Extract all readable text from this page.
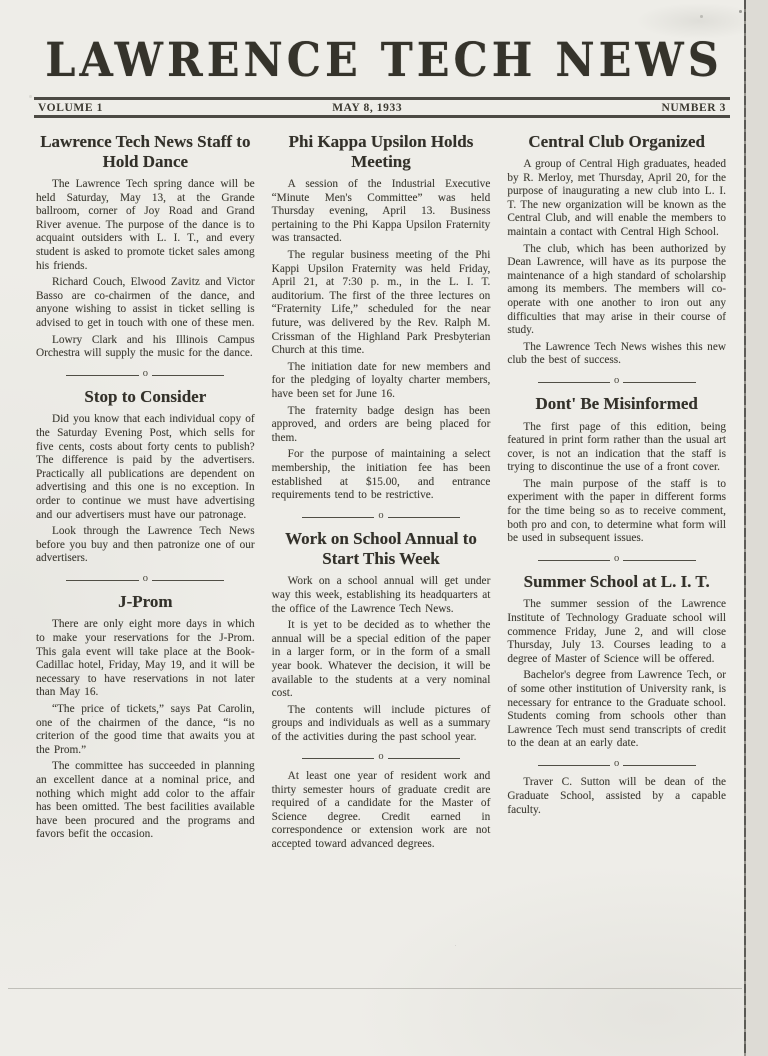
LAWRENCE TECH NEWS
VOLUME 1	MAY 8, 1933	NUMBER 3
Lawrence Tech News Staff to Hold Dance

The Lawrence Tech spring dance will be held Saturday, May 13, at the Grande ballroom, corner of Joy Road and Grand River avenue. The purpose of the dance is to acquaint outsiders with L. I. T., and every student is asked to promote ticket sales among his friends.

Richard Couch, Elwood Zavitz and Victor Basso are co-chairmen of the dance, and anyone wishing to assist in ticket selling is advised to get in touch with one of these men.

Lowry Clark and his Illinois Campus Orchestra will supply the music for the dance.

o
Stop to Consider

Did you know that each individual copy of the Saturday Evening Post, which sells for five cents, costs about forty cents to publish? The difference is paid by the advertisers. Practically all publications are dependent on advertising and this one is no exception. In order to continue we must have advertising and our advertisers must have our patronage.

Look through the Lawrence Tech News before you buy and then patronize one of our advertisers.

o
J-Prom

There are only eight more days in which to make your reservations for the J-Prom. This gala event will take place at the Book-Cadillac hotel, Friday, May 19, and it will be necessary to have reservations in not later than May 16.

“The price of tickets,” says Pat Carolin, one of the chairmen of the dance, “is no criterion of the good time that awaits you at the Prom.”

The committee has succeeded in planning an excellent dance at a nominal price, and nothing which might add color to the affair has been omitted. The best facilities available have been procured and the programs and favors befit the occasion.

Phi Kappa Upsilon Holds Meeting

A session of the Industrial Executive “Minute Men's Committee” was held Thursday evening, April 13. Business pertaining to the Phi Kappa Upsilon Fraternity was transacted.

The regular business meeting of the Phi Kappi Upsilon Fraternity was held Friday, April 21, at 7:30 p. m., in the L. I. T. auditorium. The first of the three lectures on “Fraternity Life,” scheduled for the near future, was delivered by the Rev. Ralph M. Crissman of the Highland Park Presbyterian Church at this time.

The initiation date for new members and for the pledging of loyalty charter members, have been set for June 16.

The fraternity badge design has been approved, and orders are being placed for them.

For the purpose of maintaining a select membership, the initiation fee has been established at $15.00, and entrance requirements tend to be restrictive.

o
Work on School Annual to Start This Week

Work on a school annual will get under way this week, establishing its headquarters at the office of the Lawrence Tech News.

It is yet to be decided as to whether the annual will be a special edition of the paper in a larger form, or in the form of a small year book. Whatever the decision, it will be available to the students at a very nominal cost.

The contents will include pictures of groups and individuals as well as a summary of the activities during the past school year.

o

At least one year of resident work and thirty semester hours of graduate credit are required of a candidate for the Master of Science degree. Credit earned in correspondence or extension work are not accepted toward advanced degrees.

Central Club Organized

A group of Central High graduates, headed by R. Merloy, met Thursday, April 20, for the purpose of inaugurating a new club into L. I. T. The new organization will be known as the Central Club, and will enable the members to maintain a contact with Central High School.

The club, which has been authorized by Dean Lawrence, will have as its purpose the maintenance of a high standard of scholarship among its members. The members will co-operate with one another to iron out any difficulties that may arise in their course of study.

The Lawrence Tech News wishes this new club the best of success.

o
Dont' Be Misinformed

The first page of this edition, being featured in print form rather than the usual art cover, is not an indication that the staff is trying to discontinue the use of a front cover.

The main purpose of the staff is to experiment with the paper in different forms for the time being so as to receive comment, both pro and con, to determine what form will be used in subsequent issues.

o
Summer School at L. I. T.

The summer session of the Lawrence Institute of Technology Graduate school will commence Friday, June 2, and will close Thursday, July 13. Courses leading to a degree of Master of Science will be offered.

Bachelor's degree from Lawrence Tech, or of some other institution of University rank, is necessary for entrance to the Graduate school. Students coming from schools other than Lawrence Tech must send transcripts of credit to the dean at an early date.

o

Traver C. Sutton will be dean of the Graduate School, assisted by a capable faculty.
